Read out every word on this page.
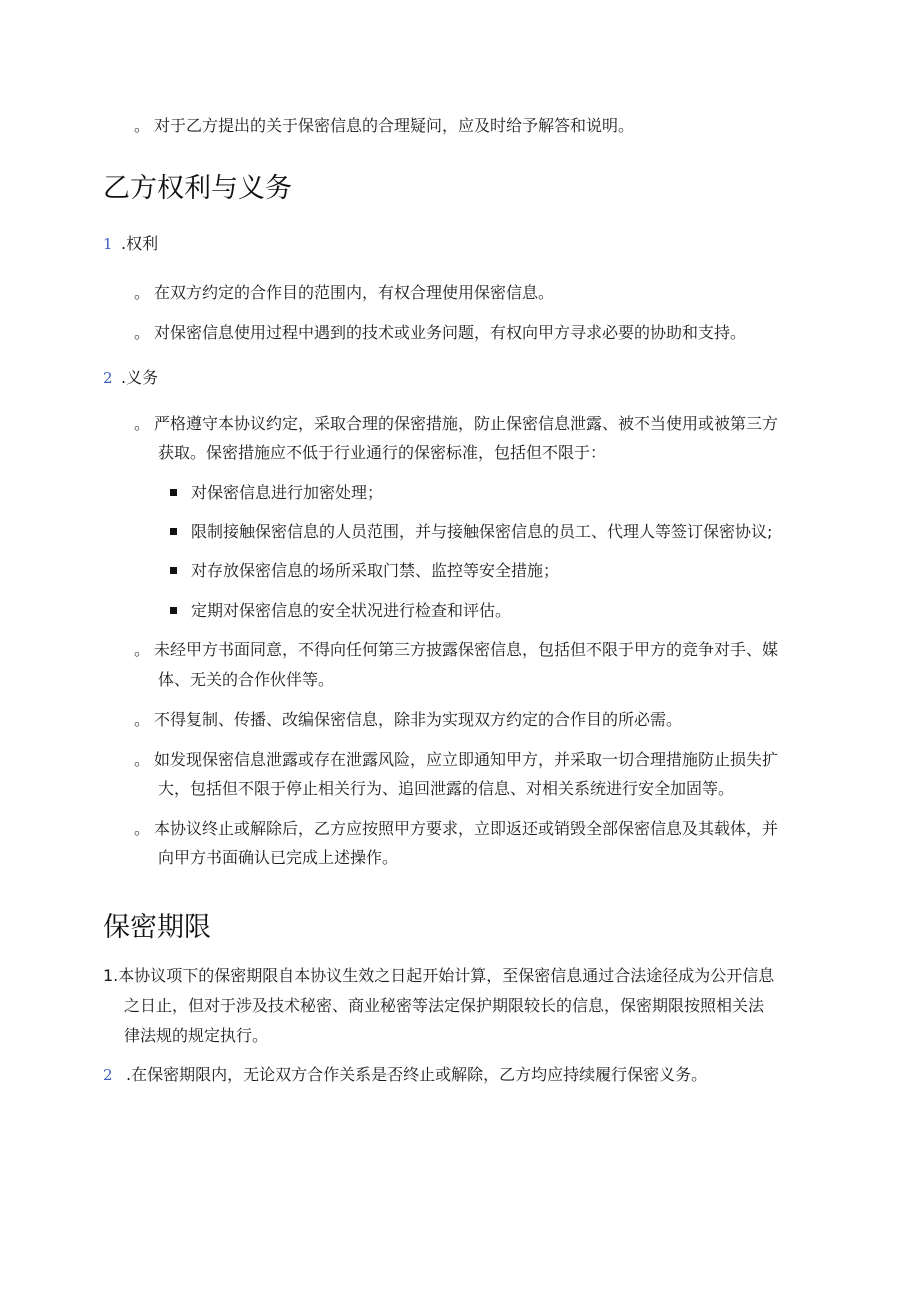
。 对于乙方提出的关于保密信息的合理疑问，应及时给予解答和说明。
乙方权利与义务
1 .权利
。 在双方约定的合作目的范围内，有权合理使用保密信息。
。 对保密信息使用过程中遇到的技术或业务问题，有权向甲方寻求必要的协助和支持。
2 .义务
。 严格遵守本协议约定，采取合理的保密措施，防止保密信息泄露、被不当使用或被第三方
获取。保密措施应不低于行业通行的保密标准，包括但不限于：
对保密信息进行加密处理；
限制接触保密信息的人员范围，并与接触保密信息的员工、代理人等签订保密协议;
对存放保密信息的场所采取门禁、监控等安全措施；
定期对保密信息的安全状况进行检查和评估。
。 未经甲方书面同意，不得向任何第三方披露保密信息，包括但不限于甲方的竞争对手、媒
体、无关的合作伙伴等。
。 不得复制、传播、改编保密信息，除非为实现双方约定的合作目的所必需。
。 如发现保密信息泄露或存在泄露风险，应立即通知甲方，并采取一切合理措施防止损失扩
大，包括但不限于停止相关行为、追回泄露的信息、对相关系统进行安全加固等。
。 本协议终止或解除后，乙方应按照甲方要求，立即返还或销毁全部保密信息及其载体，并
向甲方书面确认已完成上述操作。
保密期限
1.本协议项下的保密期限自本协议生效之日起开始计算，至保密信息通过合法途径成为公开信息
之日止，但对于涉及技术秘密、商业秘密等法定保护期限较长的信息，保密期限按照相关法
律法规的规定执行。
2 .在保密期限内，无论双方合作关系是否终止或解除，乙方均应持续履行保密义务。
